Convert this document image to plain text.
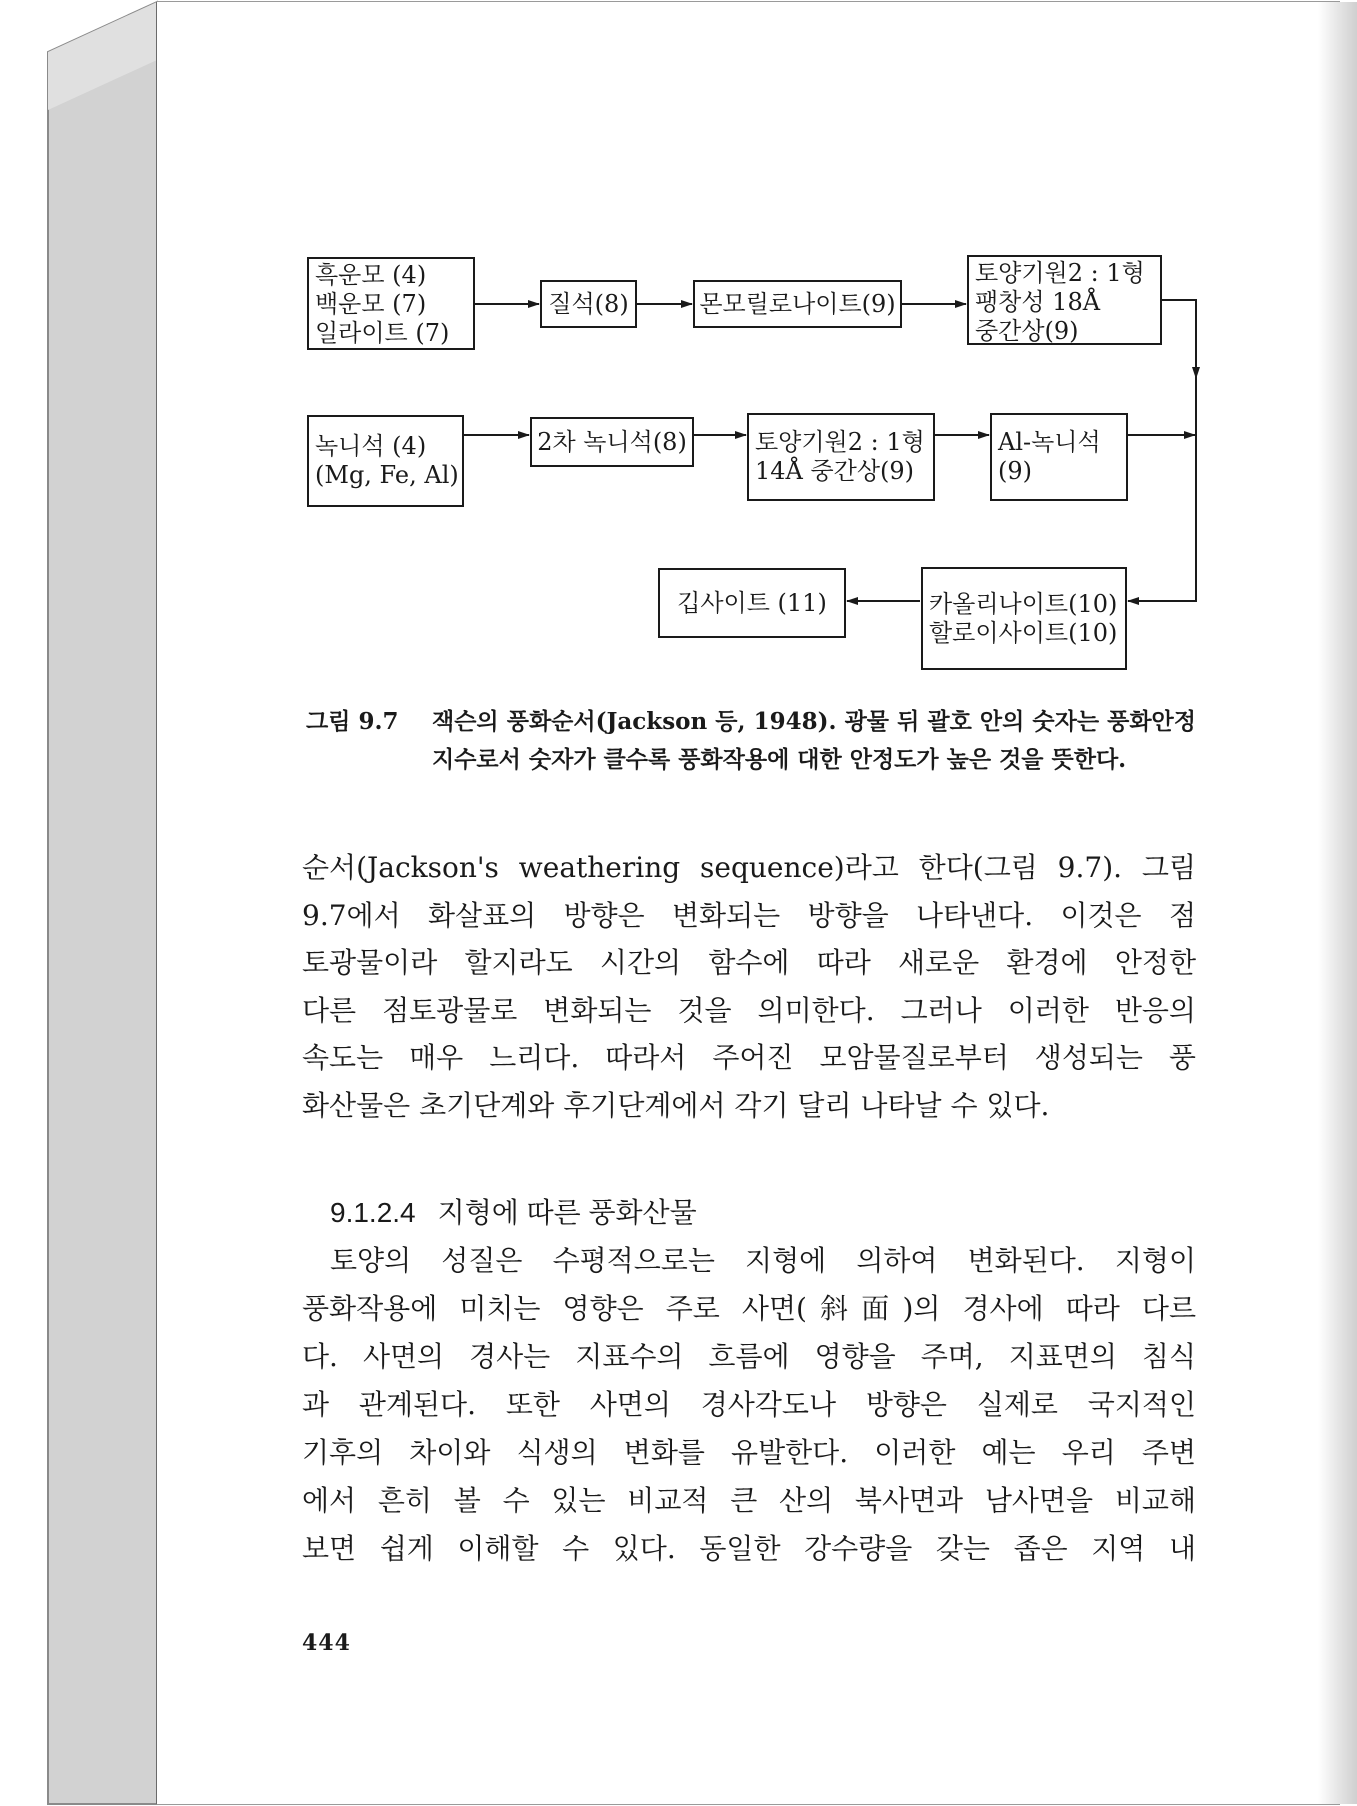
흑운모 (4)
백운모 (7)
일라이트 (7)
질석(8)	몬모릴로나이트(9)
토양기원2 : 1형
팽창성 18Å
중간상(9)
녹니석 (4)
(Mg, Fe, Al)
2차 녹니석(8)	토양기원2 : 1형
14Å 중간상(9)
Al-녹니석
(9)
깁사이트 (11)	카올리나이트(10)
할로이사이트(10)
그림 9.7 잭슨의 풍화순서(Jackson 등, 1948). 광물 뒤 괄호 안의 숫자는 풍화안정지수로서 숫자가 클수록 풍화작용에 대한 안정도가 높은 것을 뜻한다.
순서(Jackson's weathering sequence)라고 한다(그림 9.7). 그림
9.7에서 화살표의 방향은 변화되는 방향을 나타낸다. 이것은 점
토광물이라 할지라도 시간의 함수에 따라 새로운 환경에 안정한
다른 점토광물로 변화되는 것을 의미한다. 그러나 이러한 반응의
속도는 매우 느리다. 따라서 주어진 모암물질로부터 생성되는 풍
화산물은 초기단계와 후기단계에서 각기 달리 나타날 수 있다.
9.1.2.4 지형에 따른 풍화산물
토양의 성질은 수평적으로는 지형에 의하여 변화된다. 지형이
풍화작용에 미치는 영향은 주로 사면(斜面)의 경사에 따라 다르
다. 사면의 경사는 지표수의 흐름에 영향을 주며, 지표면의 침식
과 관계된다. 또한 사면의 경사각도나 방향은 실제로 국지적인
기후의 차이와 식생의 변화를 유발한다. 이러한 예는 우리 주변
에서 흔히 볼 수 있는 비교적 큰 산의 북사면과 남사면을 비교해
보면 쉽게 이해할 수 있다. 동일한 강수량을 갖는 좁은 지역 내
444
